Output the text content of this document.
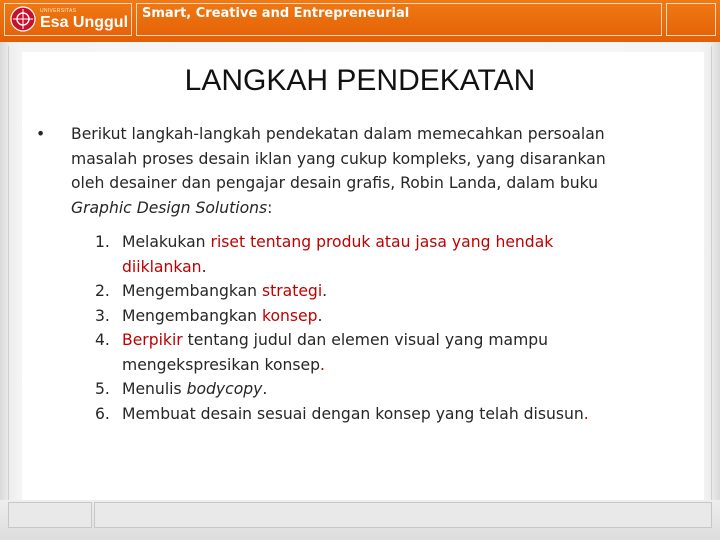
UNIVERSITAS
Esa Unggul
Smart, Creative and Entrepreneurial
LANGKAH PENDEKATAN
• Berikut langkah-langkah pendekatan dalam memecahkan persoalan
masalah proses desain iklan yang cukup kompleks, yang disarankan
oleh desainer dan pengajar desain grafis, Robin Landa, dalam buku
Graphic Design Solutions:
1. Melakukan riset tentang produk atau jasa yang hendak
diiklankan.
2. Mengembangkan strategi.
3. Mengembangkan konsep.
4. Berpikir tentang judul dan elemen visual yang mampu
mengekspresikan konsep.
5. Menulis bodycopy.
6. Membuat desain sesuai dengan konsep yang telah disusun.
